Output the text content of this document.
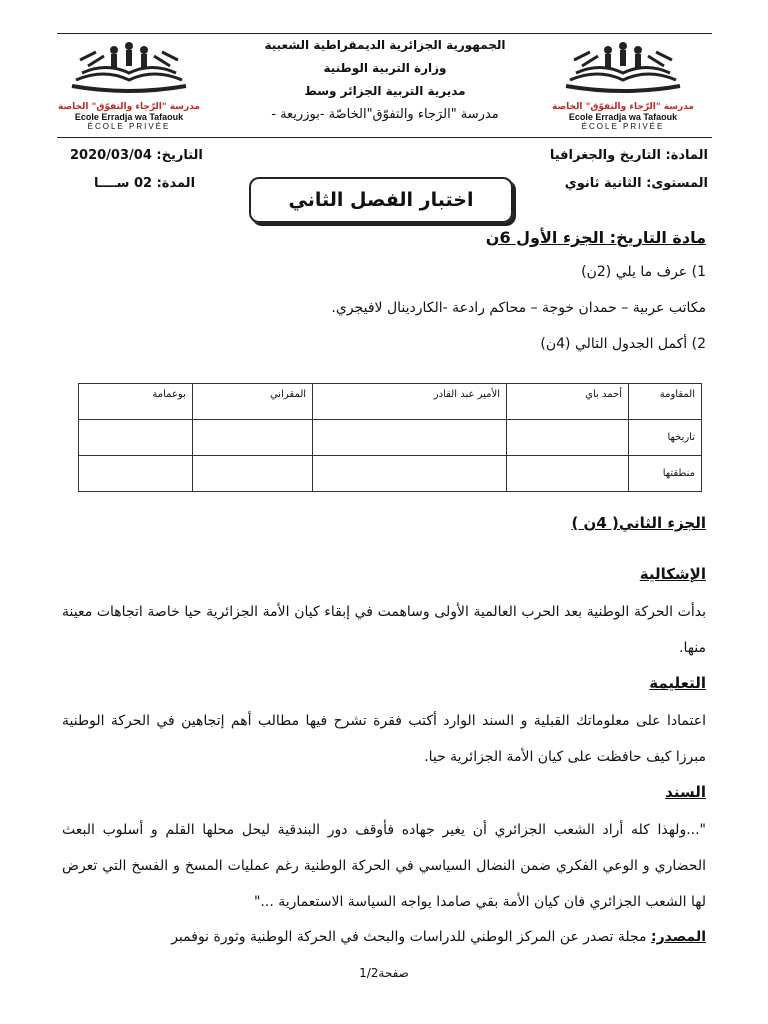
مدرسة "الرّجاء والتفوّق" الخاصة
Ecole Erradja wa Tafaouk
ÉCOLE PRIVÉE
مدرسة "الرّجاء والتفوّق" الخاصة
Ecole Erradja wa Tafaouk
ÉCOLE PRIVÉE
الجمهورية الجزائرية الديمقراطية الشعبية
وزارة التربية الوطنية
مديرية التربية الجزائر وسط
مدرسة "الرَجاء والتفوّق"الخاصّة -بوزريعة -
المادة: التاريخ والجغرافيا
المستوى: الثانية ثانوي
التاريخ: 2020/03/04
المدة: 02 ســــا
اختبار الفصل الثاني
مادة التاريخ: الجزء الأول 6ن
1) عرف ما يلي (2ن)
مكاتب عربية – حمدان خوجة – محاكم رادعة -الكاردينال لافيجري.
2) أكمل الجدول التالي (4ن)
المقاومة	أحمد باي	الأمير عبد القادر	المقراني	بوعمامة
تاريخها				
منطقتها				
الجزء الثاني( 4ن )
الإشكالية
بدأت الحركة الوطنية بعد الحرب العالمية الأولى وساهمت في إبقاء كيان الأمة الجزائرية حيا خاصة اتجاهات معينة منها.
التعليمة
اعتمادا على معلوماتك القبلية و السند الوارد أكتب فقرة تشرح فيها مطالب أهم إتجاهين في الحركة الوطنية مبرزا كيف حافظت على كيان الأمة الجزائرية حيا.
السند
"...ولهذا كله أراد الشعب الجزائري أن يغير جهاده فأوقف دور البندقية ليحل محلها القلم و أسلوب البعث الحضاري و الوعي الفكري ضمن النضال السياسي في الحركة الوطنية رغم عمليات المسخ و الفسخ التي تعرض لها الشعب الجزائري فان كيان الأمة بقي صامدا يواجه السياسة الاستعمارية ..."
المصدر: مجلة تصدر عن المركز الوطني للدراسات والبحث في الحركة الوطنية وثورة نوفمبر
صفحة1/2
